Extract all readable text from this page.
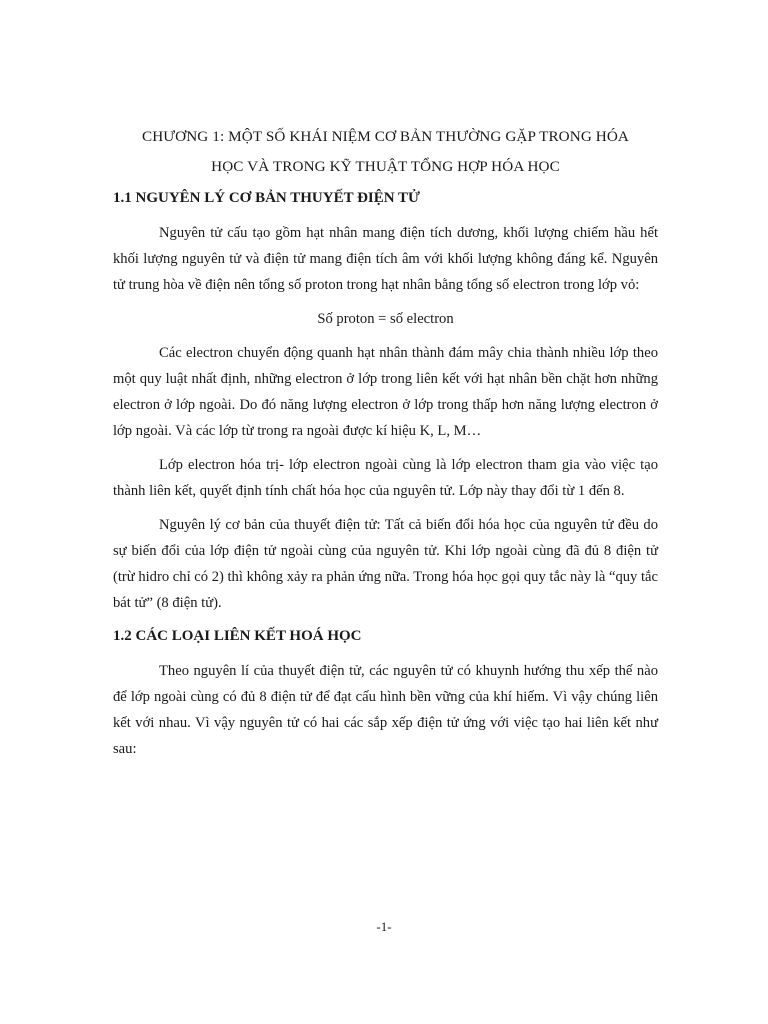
CHƯƠNG 1: MỘT SỐ KHÁI NIỆM CƠ BẢN THƯỜNG GẶP TRONG HÓA
HỌC VÀ TRONG KỸ THUẬT TỔNG HỢP HÓA HỌC
1.1 NGUYÊN LÝ CƠ BẢN THUYẾT ĐIỆN TỬ

Nguyên tử cấu tạo gồm hạt nhân mang điện tích dương, khối lượng chiếm hầu hết khối lượng nguyên tử và điện tử mang điện tích âm với khối lượng không đáng kể. Nguyên tử trung hòa về điện nên tổng số proton trong hạt nhân bằng tổng số electron trong lớp vỏ:

Số proton = số electron

Các electron chuyển động quanh hạt nhân thành đám mây chia thành nhiều lớp theo một quy luật nhất định, những electron ở lớp trong liên kết với hạt nhân bền chặt hơn những electron ở lớp ngoài. Do đó năng lượng electron ở lớp trong thấp hơn năng lượng electron ở lớp ngoài. Và các lớp từ trong ra ngoài được kí hiệu K, L, M…

Lớp electron hóa trị- lớp electron ngoài cùng là lớp electron tham gia vào việc tạo thành liên kết, quyết định tính chất hóa học của nguyên tử. Lớp này thay đổi từ 1 đến 8.

Nguyên lý cơ bản của thuyết điện tử: Tất cả biến đổi hóa học của nguyên tử đều do sự biến đổi của lớp điện tử ngoài cùng của nguyên tử. Khi lớp ngoài cùng đã đủ 8 điện tử (trừ hidro chỉ có 2) thì không xảy ra phản ứng nữa. Trong hóa học gọi quy tắc này là “quy tắc bát tử” (8 điện tử).

1.2 CÁC LOẠI LIÊN KẾT HOÁ HỌC

Theo nguyên lí của thuyết điện tử, các nguyên tử có khuynh hướng thu xếp thế nào để lớp ngoài cùng có đủ 8 điện tử để đạt cấu hình bền vững của khí hiếm. Vì vậy chúng liên kết với nhau. Vì vậy nguyên tử có hai các sắp xếp điện tử ứng với việc tạo hai liên kết như sau:

-1-
